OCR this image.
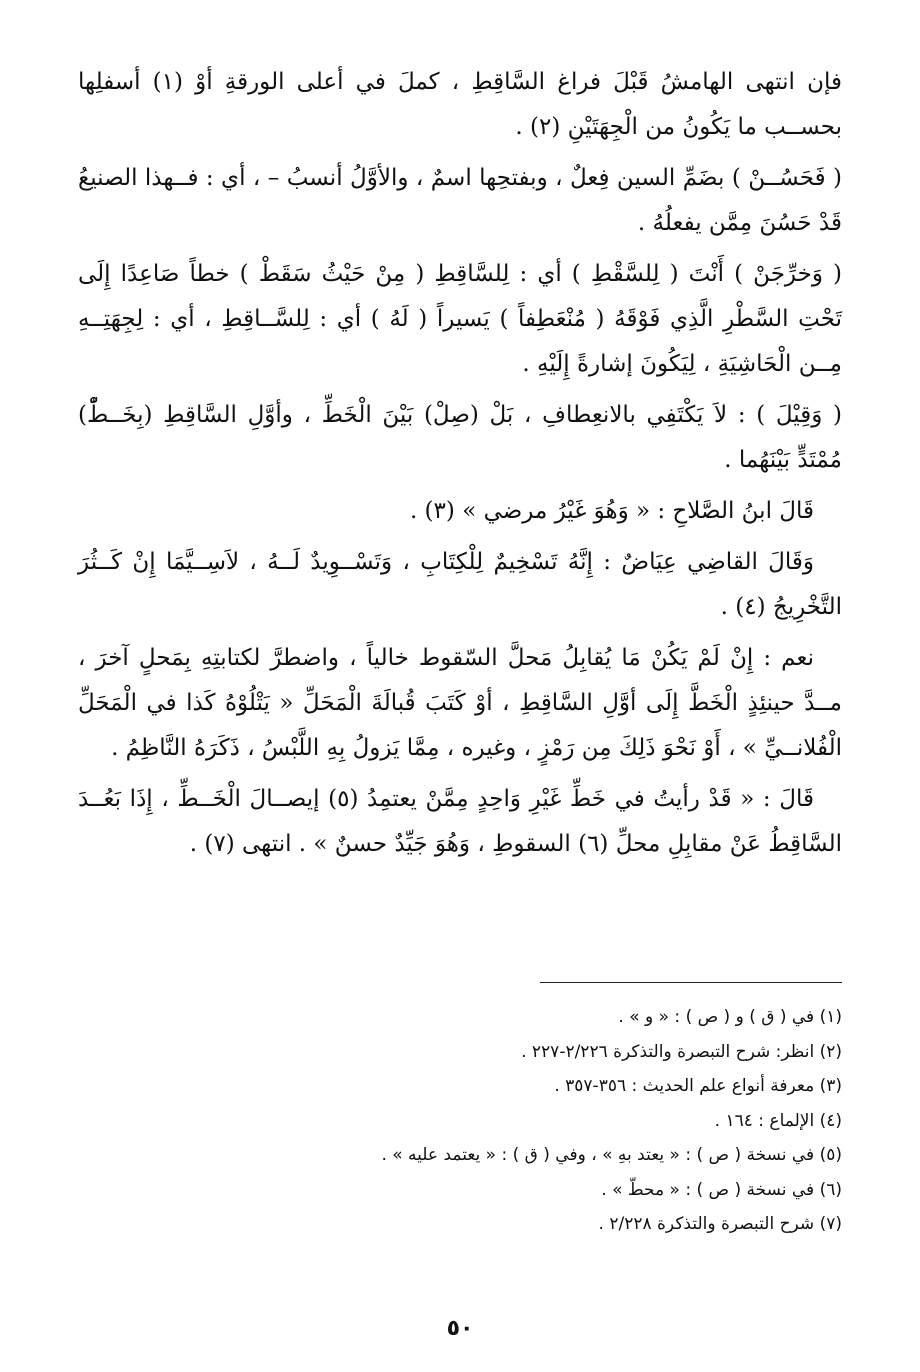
فإن انتهى الهامشُ قَبْلَ فراغ السَّاقِطِ ، كملَ في أعلى الورقةِ أوْ (١) أسفلِها بحســب ما يَكُونُ من الْجِهَتَيْنِ (٢) .

( فَحَسُــنْ ) بضَمِّ السين فِعلٌ ، وبفتحِها اسمٌ ، والأوَّلُ أنسبُ – ، أي : فــهذا الصنيعُ قَدْ حَسُنَ مِمَّن يفعلُهُ .

( وَخرِّجَنْ ) أَنْتَ ( لِلسَّقْطِ ) أي : لِلسَّاقِطِ ( مِنْ حَيْثُ سَقَطْ ) خطاً صَاعِدًا إِلَى تَحْتِ السَّطْرِ الَّذِي فَوْقَهُ ( مُنْعَطِفاً ) يَسيراً ( لَهُ ) أي : لِلسَّــاقِطِ ، أي : لِجِهَتِــهِ مِــن الْحَاشِيَةِ ، لِيَكُونَ إشارةً إِلَيْهِ .

( وَقِيْلَ ) : لاَ يَكْتَفِي بالانعِطافِ ، بَلْ (صِلْ) بَيْنَ الْخَطِّ ، وأوَّلِ السَّاقِطِ (بِخَــطّْ) مُمْتَدٍّ بَيْنَهُما .

قَالَ ابنُ الصَّلاحِ : « وَهُوَ غَيْرُ مرضي » (٣) .

وَقَالَ القاضِي عِيَاضٌ : إِنَّهُ تَسْخِيمٌ لِلْكِتَابِ ، وَتَسْــوِيدٌ لَــهُ ، لاَسِــيَّمَا إِنْ كَــثُرَ التَّخْرِيجُ (٤) .

نعم : إِنْ لَمْ يَكُنْ مَا يُقابِلُ مَحلَّ السّقوط خالياً ، واضطرَّ لكتابتِهِ بِمَحلٍ آخرَ ، مــدَّ حينئِذٍ الْخَطَّ إِلَى أوَّلِ السَّاقِطِ ، أوْ كَتَبَ قُبالَةَ الْمَحَلِّ « يَتْلُوْهُ كَذا في الْمَحَلِّ الْفُلانــيِّ » ، أَوْ نَحْوَ ذَلِكَ مِن رَمْزٍ ، وغيره ، مِمَّا يَزولُ بِهِ اللَّبْسُ ، ذَكَرَهُ النَّاظِمُ .

قَالَ : « قَدْ رأيتُ في خَطِّ غَيْرِ وَاحِدٍ مِمَّنْ يعتمِدُ (٥) إيصــالَ الْخَــطِّ ، إِذَا بَعُــدَ السَّاقِطُ عَنْ مقابِلِ محلِّ (٦) السقوطِ ، وَهُوَ جَيِّدٌ حسنٌ » . انتهى (٧) .

(١) في ( ق ) و ( ص ) : « و » .
(٢) انظر: شرح التبصرة والتذكرة ٢/٢٢٦-٢٢٧ .
(٣) معرفة أنواع علم الحديث : ٣٥٦-٣٥٧ .
(٤) الإلماع : ١٦٤ .
(٥) في نسخة ( ص ) : « يعتد بهِ » ، وفي ( ق ) : « يعتمد عليه » .
(٦) في نسخة ( ص ) : « محطّ » .
(٧) شرح التبصرة والتذكرة ٢/٢٢٨ .
٥٠
